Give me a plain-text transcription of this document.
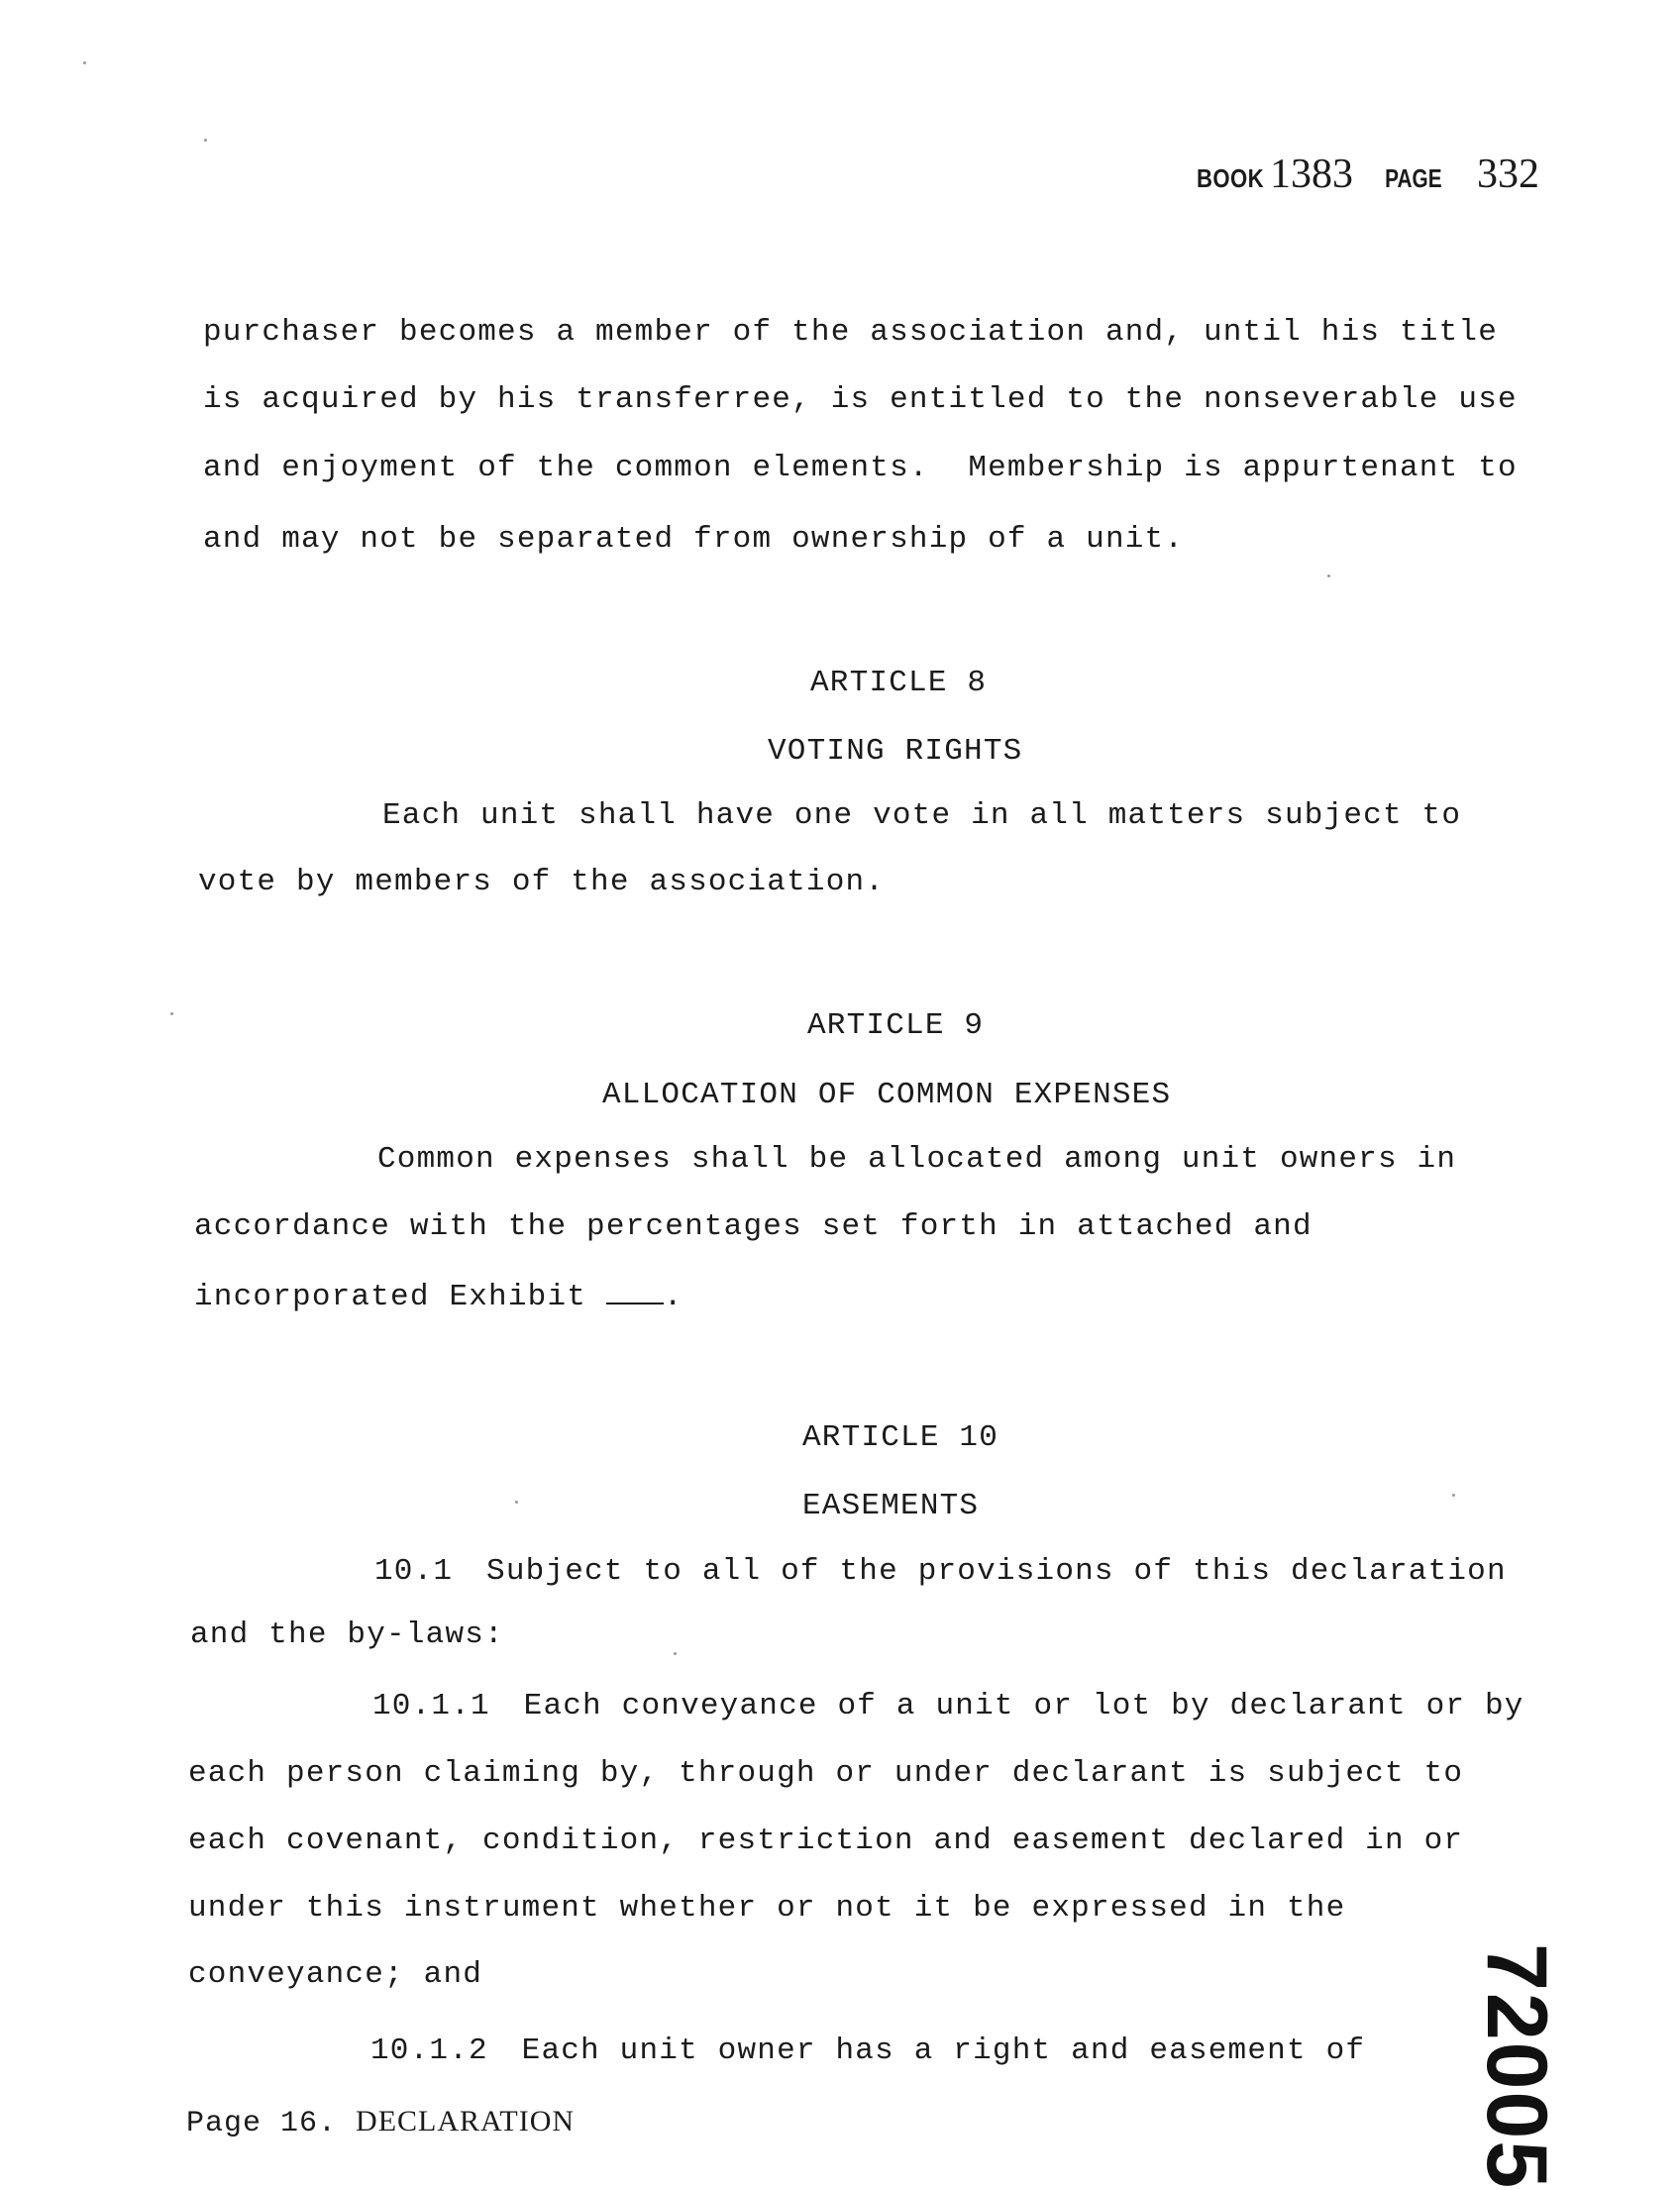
BOOK 1383 PAGE 332
purchaser becomes a member of the association and, until his title
is acquired by his transferree, is entitled to the nonseverable use
and enjoyment of the common elements.  Membership is appurtenant to
and may not be separated from ownership of a unit.
ARTICLE 8
VOTING RIGHTS
Each unit shall have one vote in all matters subject to
vote by members of the association.
ARTICLE 9
ALLOCATION OF COMMON EXPENSES
Common expenses shall be allocated among unit owners in
accordance with the percentages set forth in attached and
incorporated Exhibit	.
ARTICLE 10
EASEMENTS
10.1 Subject to all of the provisions of this declaration
and the by-laws:
10.1.1 Each conveyance of a unit or lot by declarant or by
each person claiming by, through or under declarant is subject to
each covenant, condition, restriction and easement declared in or
under this instrument whether or not it be expressed in the
conveyance; and
10.1.2 Each unit owner has a right and easement of
Page 16. DECLARATION	72005
